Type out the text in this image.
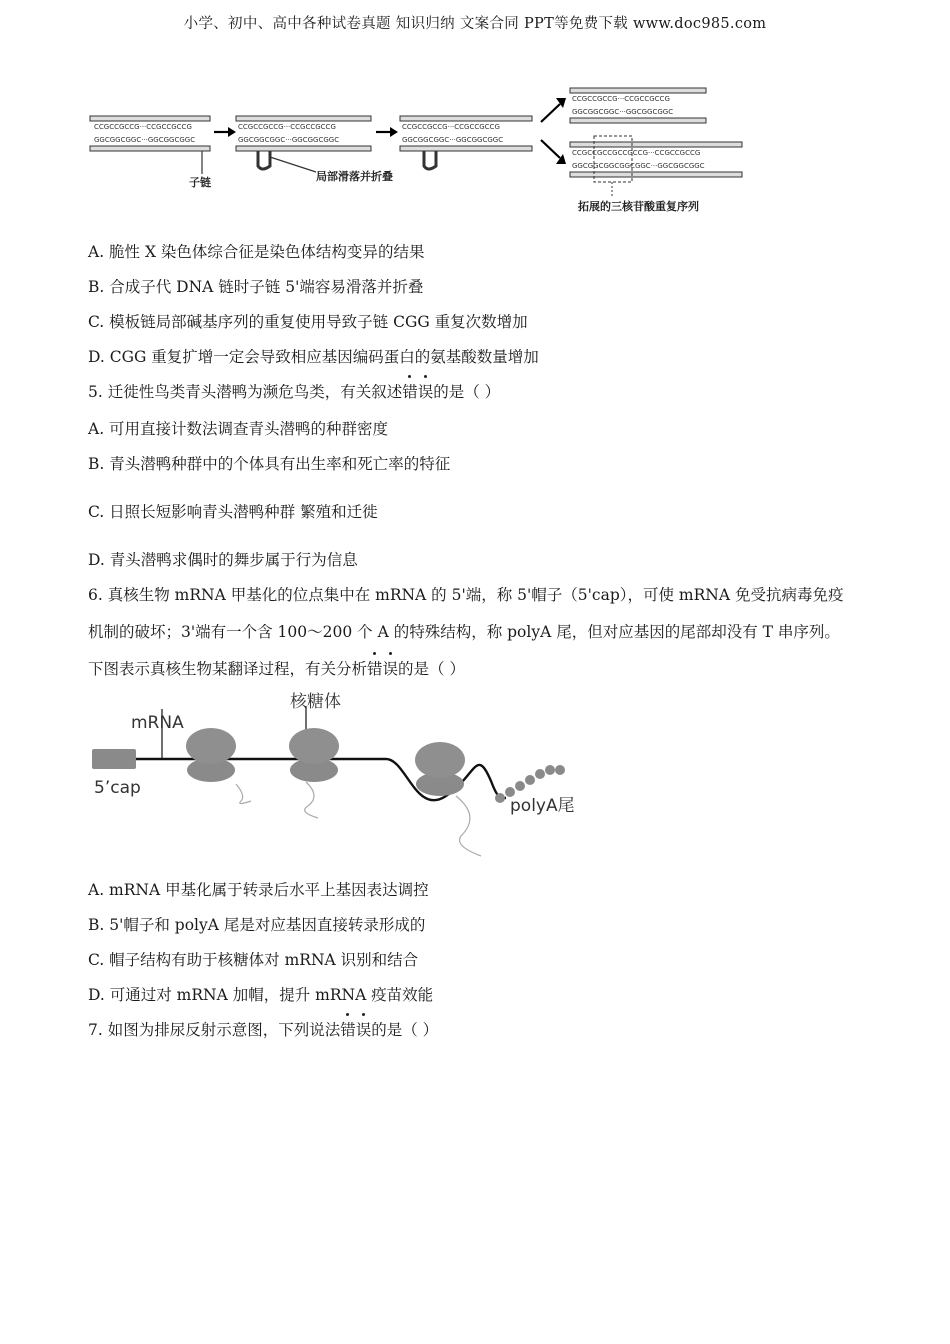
小学、初中、高中各种试卷真题 知识归纳 文案合同 PPT等免费下载 www.doc985.com
CCGCCGCCG···CCGCCGCCG
GGCGGCGGC···GGCGGCGGC
子链
CCGCCGCCG···CCGCCGCCG
GGCGGCGGC···GGCGGCGGC
局部滑落并折叠
CCGCCGCCG···CCGCCGCCG
GGCGGCGGC···GGCGGCGGC
CCGCCGCCG···CCGCCGCCG
GGCGGCGGC···GGCGGCGGC
CCGCCGCCGCCGCCG···CCGCCGCCG
GGCGGCGGCGGCGGC···GGCGGCGGC
拓展的三核苷酸重复序列
A. 脆性 X 染色体综合征是染色体结构变异的结果
B. 合成子代 DNA 链时子链 5'端容易滑落并折叠
C. 模板链局部碱基序列的重复使用导致子链 CGG 重复次数增加
D. CGG 重复扩增一定会导致相应基因编码蛋白的氨基酸数量增加
5. 迁徙性鸟类青头潜鸭为濒危鸟类，有关叙述错误的是（ ）
A. 可用直接计数法调查青头潜鸭的种群密度
B. 青头潜鸭种群中的个体具有出生率和死亡率的特征
C. 日照长短影响青头潜鸭种群 繁殖和迁徙
D. 青头潜鸭求偶时的舞步属于行为信息
6. 真核生物 mRNA 甲基化的位点集中在 mRNA 的 5'端，称 5'帽子（5'cap），可使 mRNA 免受抗病毒免疫
机制的破坏；3'端有一个含 100～200 个 A 的特殊结构，称 polyA 尾，但对应基因的尾部却没有 T 串序列。
下图表示真核生物某翻译过程，有关分析错误的是（ ）
mRNA
核糖体
5’cap
polyA尾
A. mRNA 甲基化属于转录后水平上基因表达调控
B. 5'帽子和 polyA 尾是对应基因直接转录形成的
C. 帽子结构有助于核糖体对 mRNA 识别和结合
D. 可通过对 mRNA 加帽，提升 mRNA 疫苗效能
7. 如图为排尿反射示意图，下列说法错误的是（ ）
